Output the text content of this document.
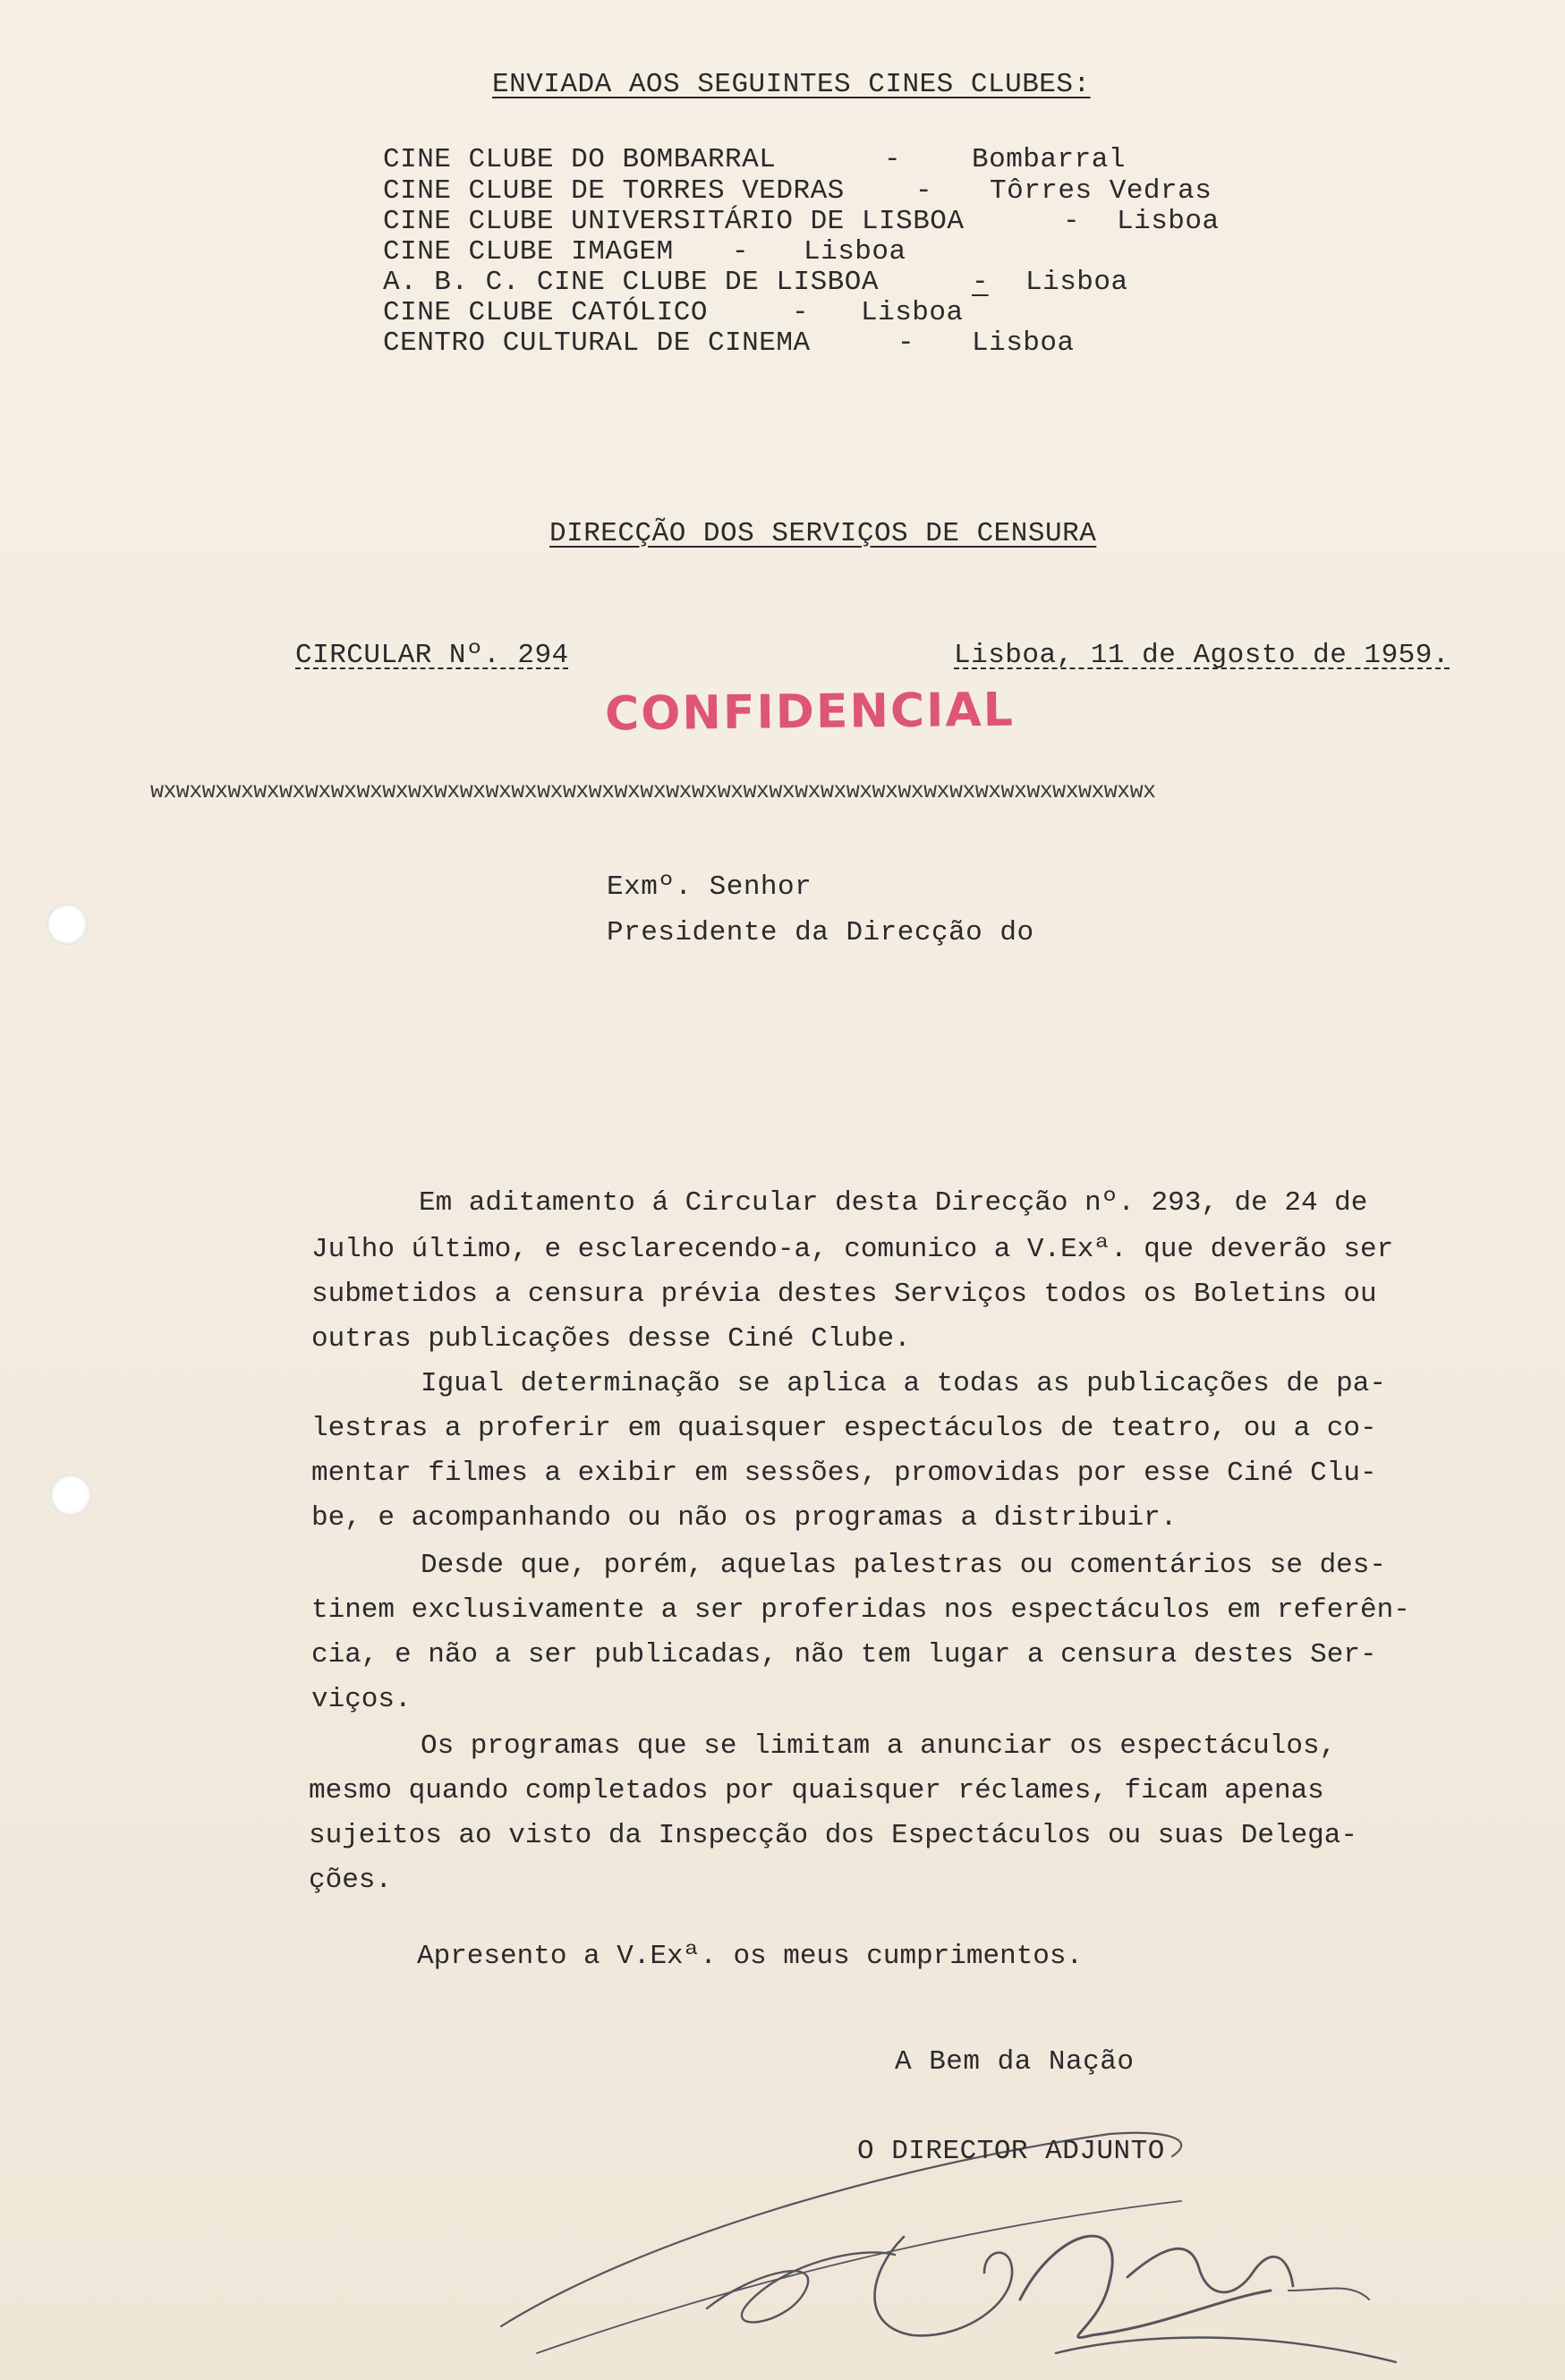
ENVIADA AOS SEGUINTES CINES CLUBES:
CINE CLUBE DO BOMBARRAL	-	Bombarral
CINE CLUBE DE TORRES VEDRAS	- Tôrres Vedras
CINE CLUBE UNIVERSITÁRIO DE LISBOA	- Lisboa
CINE CLUBE IMAGEM - Lisboa
A. B. C. CINE CLUBE DE LISBOA	- Lisboa
CINE CLUBE CATÓLICO	- Lisboa
CENTRO CULTURAL DE CINEMA	- Lisboa
DIRECÇÃO DOS SERVIÇOS DE CENSURA
CIRCULAR Nº. 294	Lisboa, 11 de Agosto de 1959.
CONFIDENCIAL
wxwxwxwxwxwxwxwxwxwxwxwxwxwxwxwxwxwxwxwxwxwxwxwxwxwxwxwxwxwxwxwxwxwxwxwxwxwxwx
Exmº. Senhor
Presidente da Direcção do
Em aditamento á Circular desta Direcção nº. 293, de 24 de
Julho último, e esclarecendo-a, comunico a V.Exª. que deverão ser
submetidos a censura prévia destes Serviços todos os Boletins ou
outras publicações desse Ciné Clube.
Igual determinação se aplica a todas as publicações de pa-
lestras a proferir em quaisquer espectáculos de teatro, ou a co-
mentar filmes a exibir em sessões, promovidas por esse Ciné Clu-
be, e acompanhando ou não os programas a distribuir.
Desde que, porém, aquelas palestras ou comentários se des-
tinem exclusivamente a ser proferidas nos espectáculos em referên-
cia, e não a ser publicadas, não tem lugar a censura destes Ser-
viços.
Os programas que se limitam a anunciar os espectáculos,
mesmo quando completados por quaisquer réclames, ficam apenas
sujeitos ao visto da Inspecção dos Espectáculos ou suas Delega-
ções.
Apresento a V.Exª. os meus cumprimentos.
A Bem da Nação
O DIRECTOR ADJUNTO
